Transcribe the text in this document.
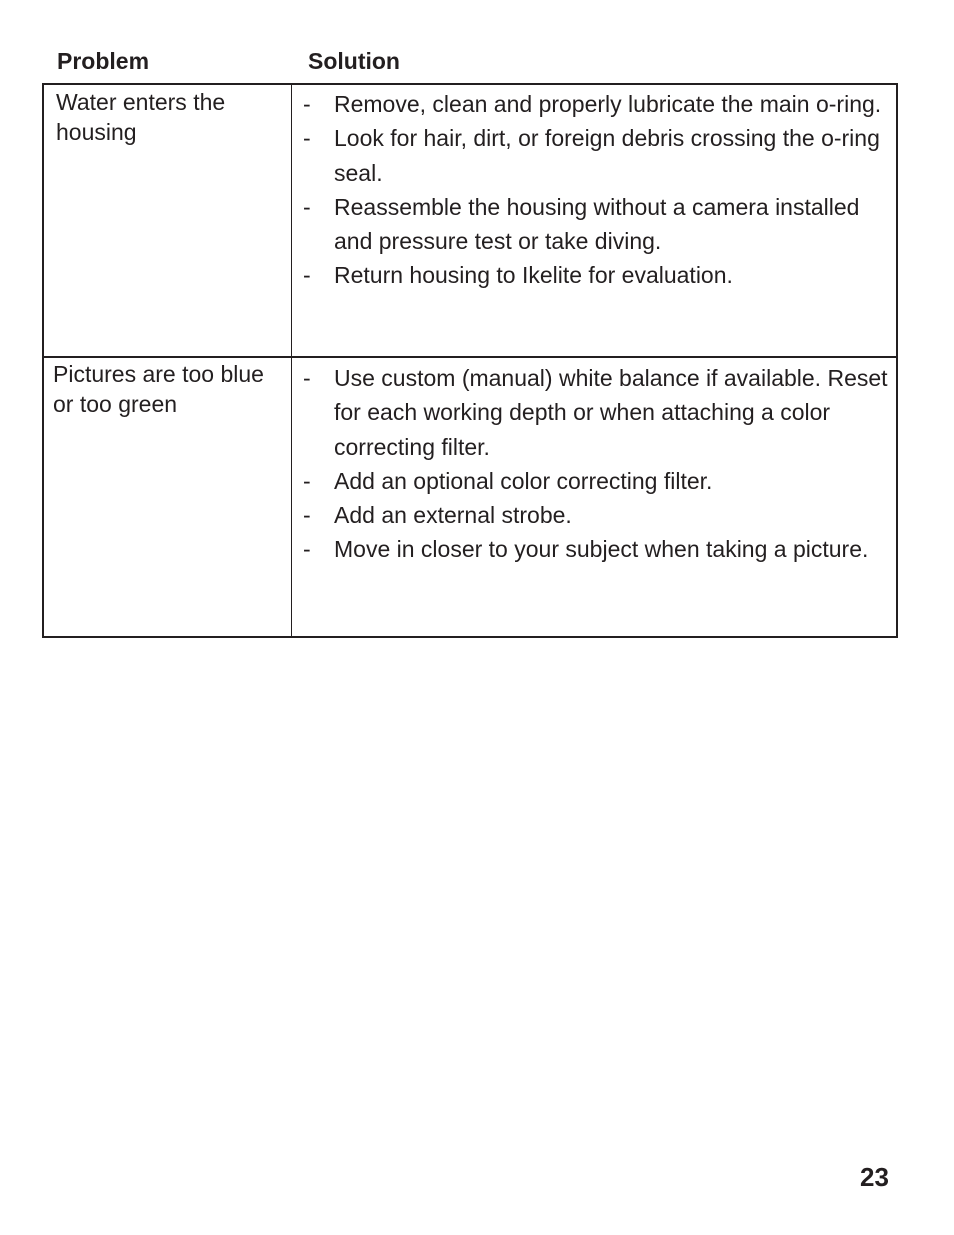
Problem	Solution
Water enters the housing
-	Remove, clean and properly lubricate the main o-ring.
-	Look for hair, dirt, or foreign debris crossing the o-ring seal.
-	Reassemble the housing without a camera installed and pressure test or take diving.
-	Return housing to Ikelite for evaluation.
Pictures are too blue or too green
-	Use custom (manual) white balance if available. Reset for each working depth or when attaching a color correcting filter.
-	Add an optional color correcting filter.
-	Add an external strobe.
-	Move in closer to your subject when taking a picture.
23
